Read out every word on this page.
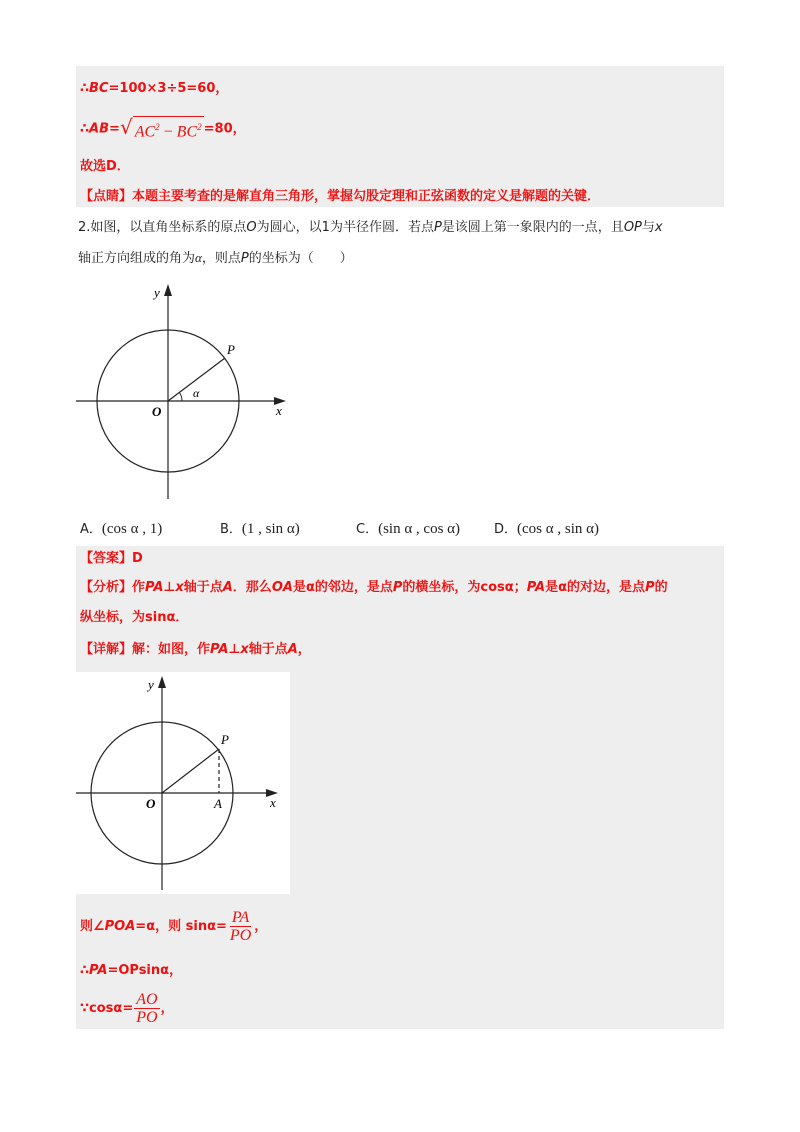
∴BC=100×3÷5=60，
∴AB= √ $AC^2 - BC^2 =80$，
故选D．
【点睛】本题主要考查的是解直角三角形，掌握勾股定理和正弦函数的定义是解题的关键．
2.如图，以直角坐标系的原点O为圆心，以1为半径作圆．若点P是该圆上第一象限内的一点，且OP与x
轴正方向组成的角为α，则点P的坐标为（　　）
y
x
O
P
α
A．(cos α , 1)	B．(1 , sin α)	C．(sin α , cos α)	D．(cos α , sin α)
【答案】D
【分析】作PA⊥x轴于点A．那么OA是α的邻边，是点P的横坐标，为cosα；PA是α的对边，是点P的
纵坐标，为sinα．
【详解】解：如图，作PA⊥x轴于点A，
y
x
O
P
A
则∠POA=α，则 $\sin\alpha= \frac{PA}{PO}$ ，
∴PA=OPsinα，
∵cosα= $\frac{AO}{PO}$ ，
